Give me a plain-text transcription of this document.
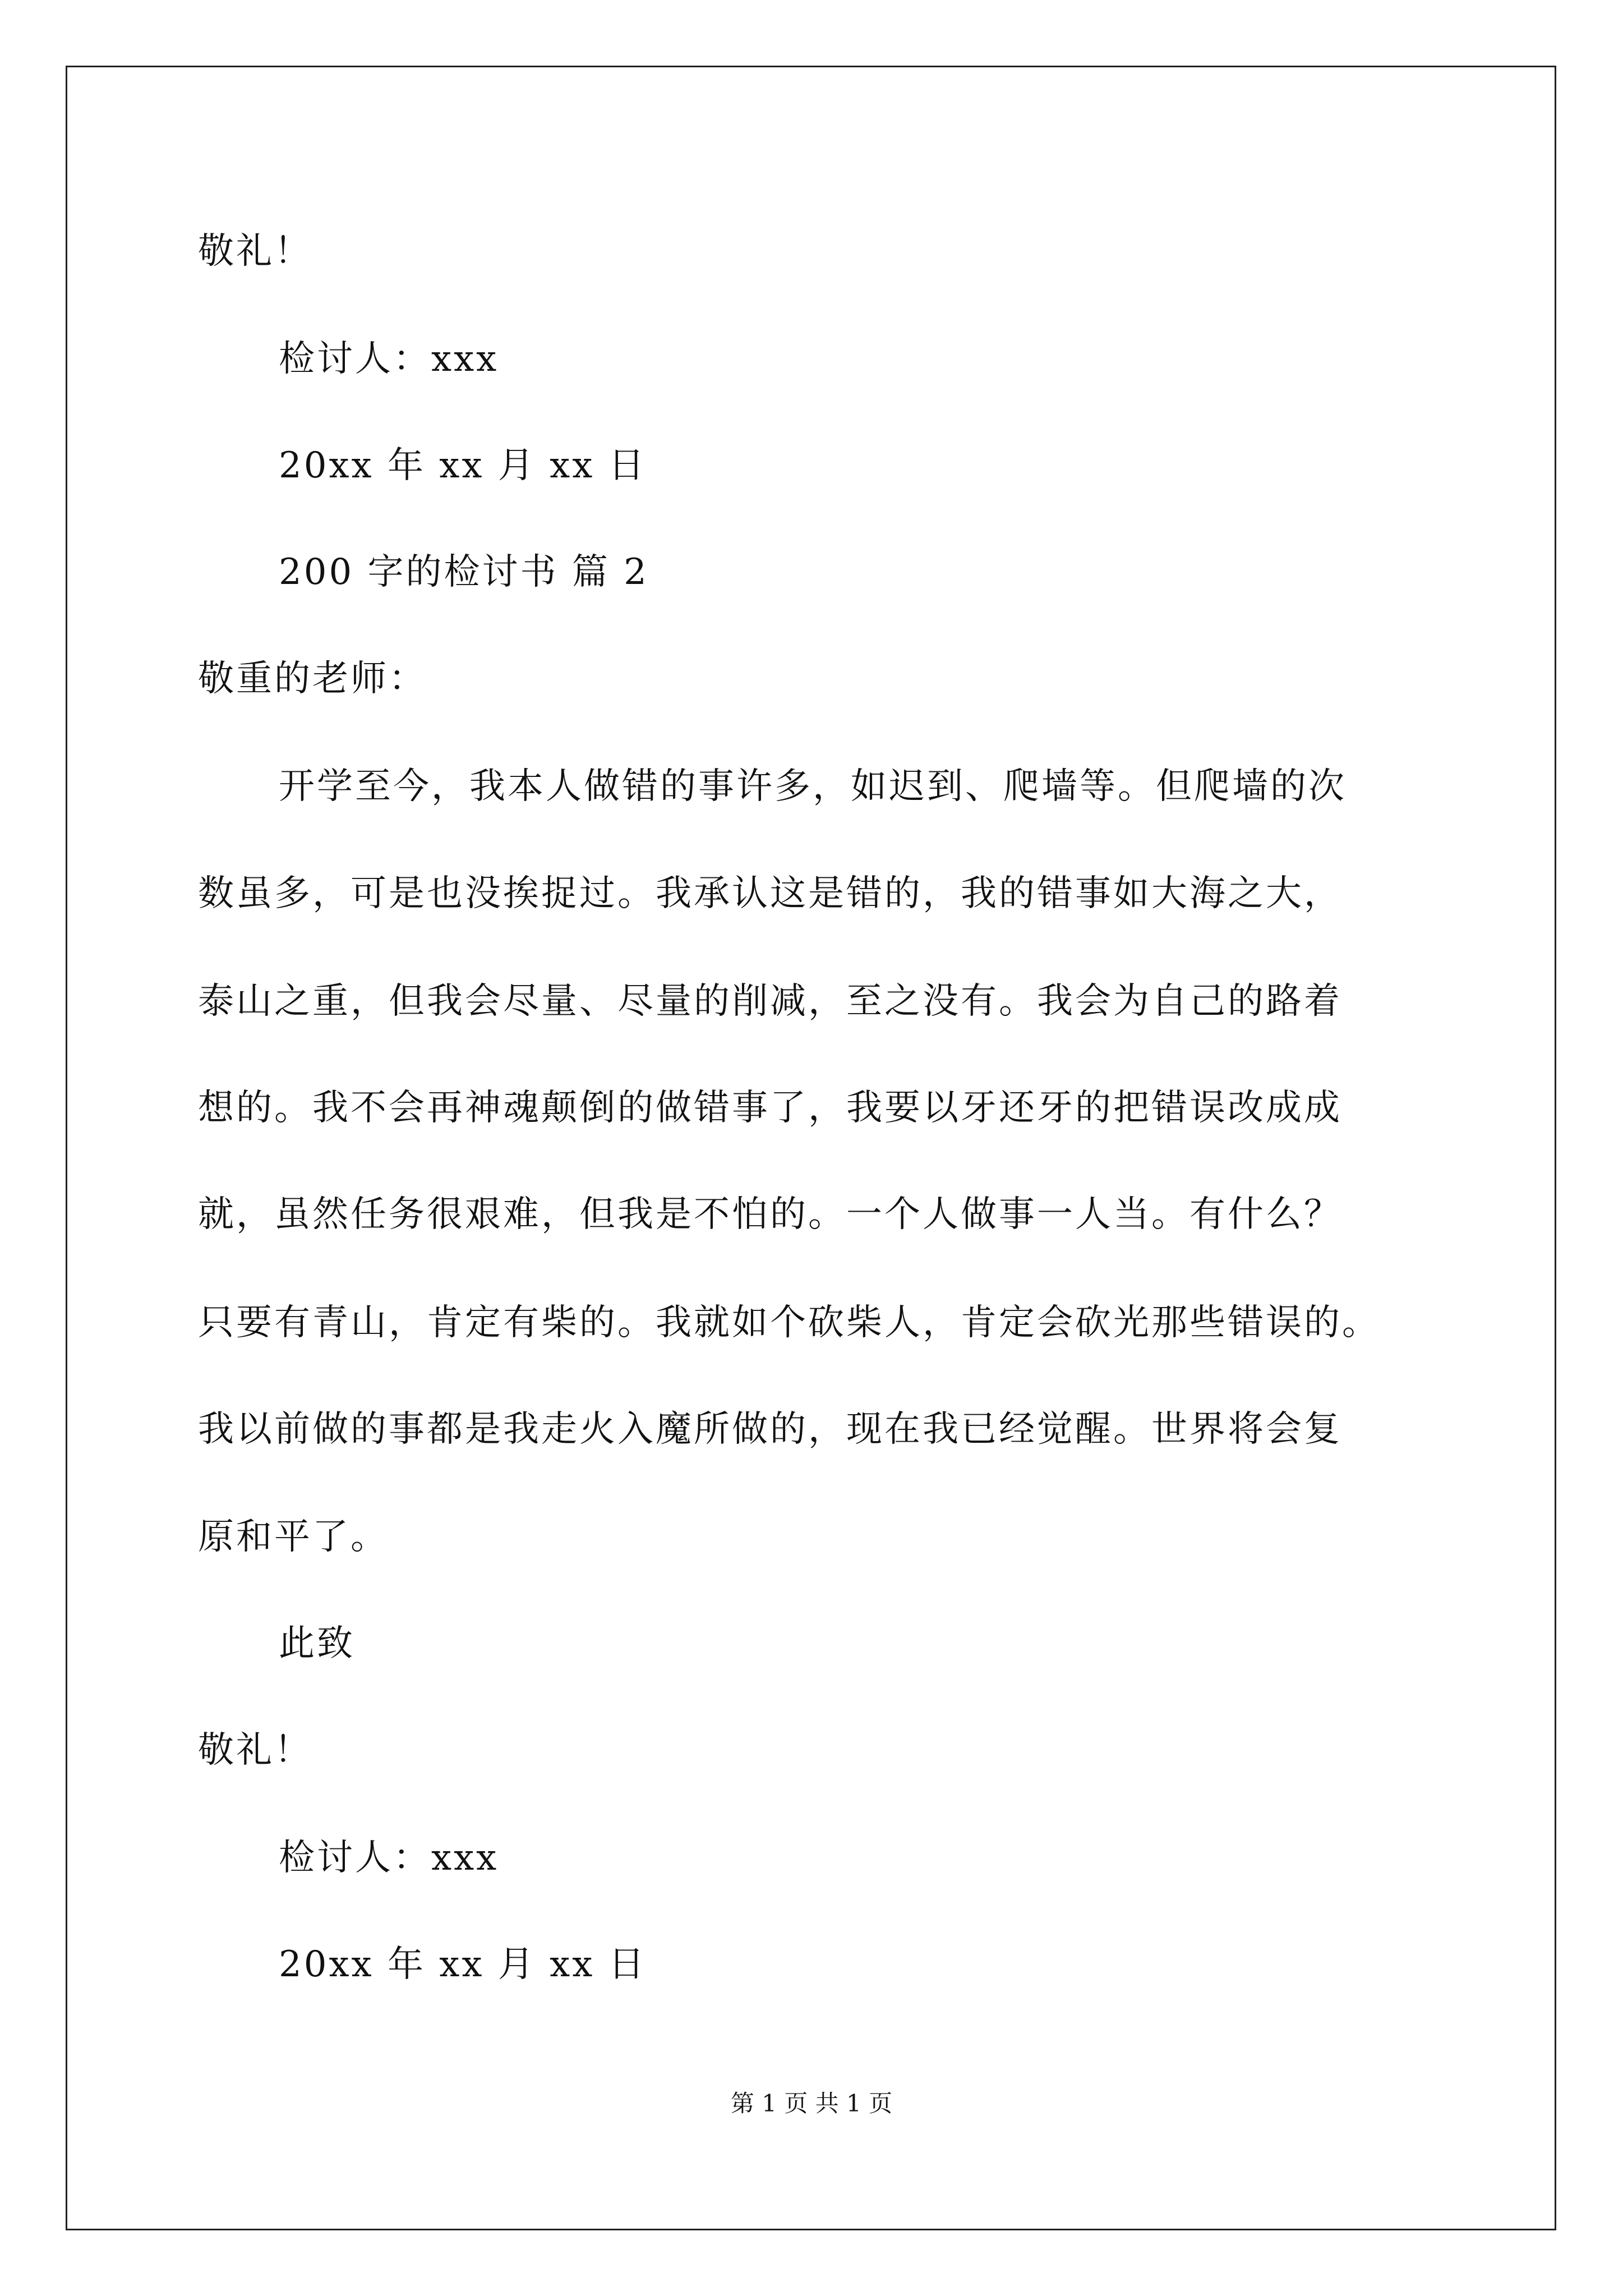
敬礼！
检讨人：xxx
20xx 年 xx 月 xx 日
200 字的检讨书 篇 2
敬重的老师：
开学至今，我本人做错的事许多，如迟到、爬墙等。但爬墙的次
数虽多，可是也没挨捉过。我承认这是错的，我的错事如大海之大，
泰山之重，但我会尽量、尽量的削减，至之没有。我会为自己的路着
想的。我不会再神魂颠倒的做错事了，我要以牙还牙的把错误改成成
就，虽然任务很艰难，但我是不怕的。一个人做事一人当。有什么？
只要有青山，肯定有柴的。我就如个砍柴人，肯定会砍光那些错误的。
我以前做的事都是我走火入魔所做的，现在我已经觉醒。世界将会复
原和平了。
此致
敬礼！
检讨人：xxx
20xx 年 xx 月 xx 日
第 1 页 共 1 页
